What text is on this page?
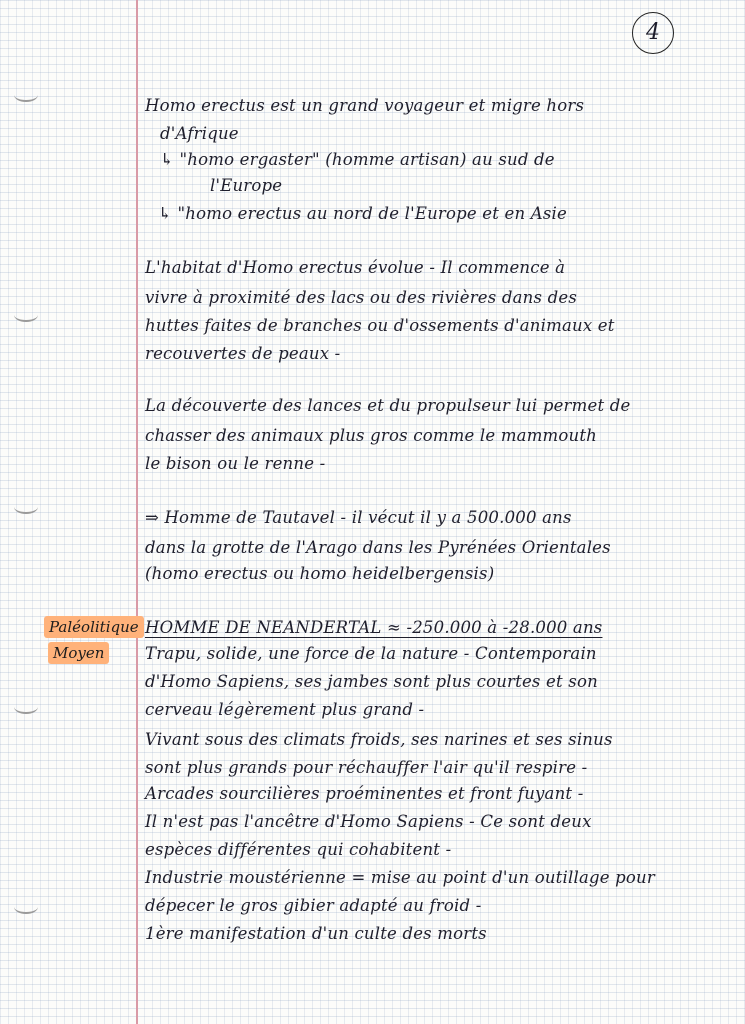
4
Homo erectus est un grand voyageur et migre hors
d'Afrique
↳ "homo ergaster" (homme artisan) au sud de
l'Europe
↳ "homo erectus au nord de l'Europe et en Asie
L'habitat d'Homo erectus évolue - Il commence à
vivre à proximité des lacs ou des rivières dans des
huttes faites de branches ou d'ossements d'animaux et
recouvertes de peaux -
La découverte des lances et du propulseur lui permet de
chasser des animaux plus gros comme le mammouth
le bison ou le renne -
⇒ Homme de Tautavel - il vécut il y a 500.000 ans
dans la grotte de l'Arago dans les Pyrénées Orientales
(homo erectus ou homo heidelbergensis)
Paléolitique
Moyen
HOMME DE NEANDERTAL ≈ -250.000 à -28.000 ans
Trapu, solide, une force de la nature - Contemporain
d'Homo Sapiens, ses jambes sont plus courtes et son
cerveau légèrement plus grand -
Vivant sous des climats froids, ses narines et ses sinus
sont plus grands pour réchauffer l'air qu'il respire -
Arcades sourcilières proéminentes et front fuyant -
Il n'est pas l'ancêtre d'Homo Sapiens - Ce sont deux
espèces différentes qui cohabitent -
Industrie moustérienne = mise au point d'un outillage pour
dépecer le gros gibier adapté au froid -
1ère manifestation d'un culte des morts
